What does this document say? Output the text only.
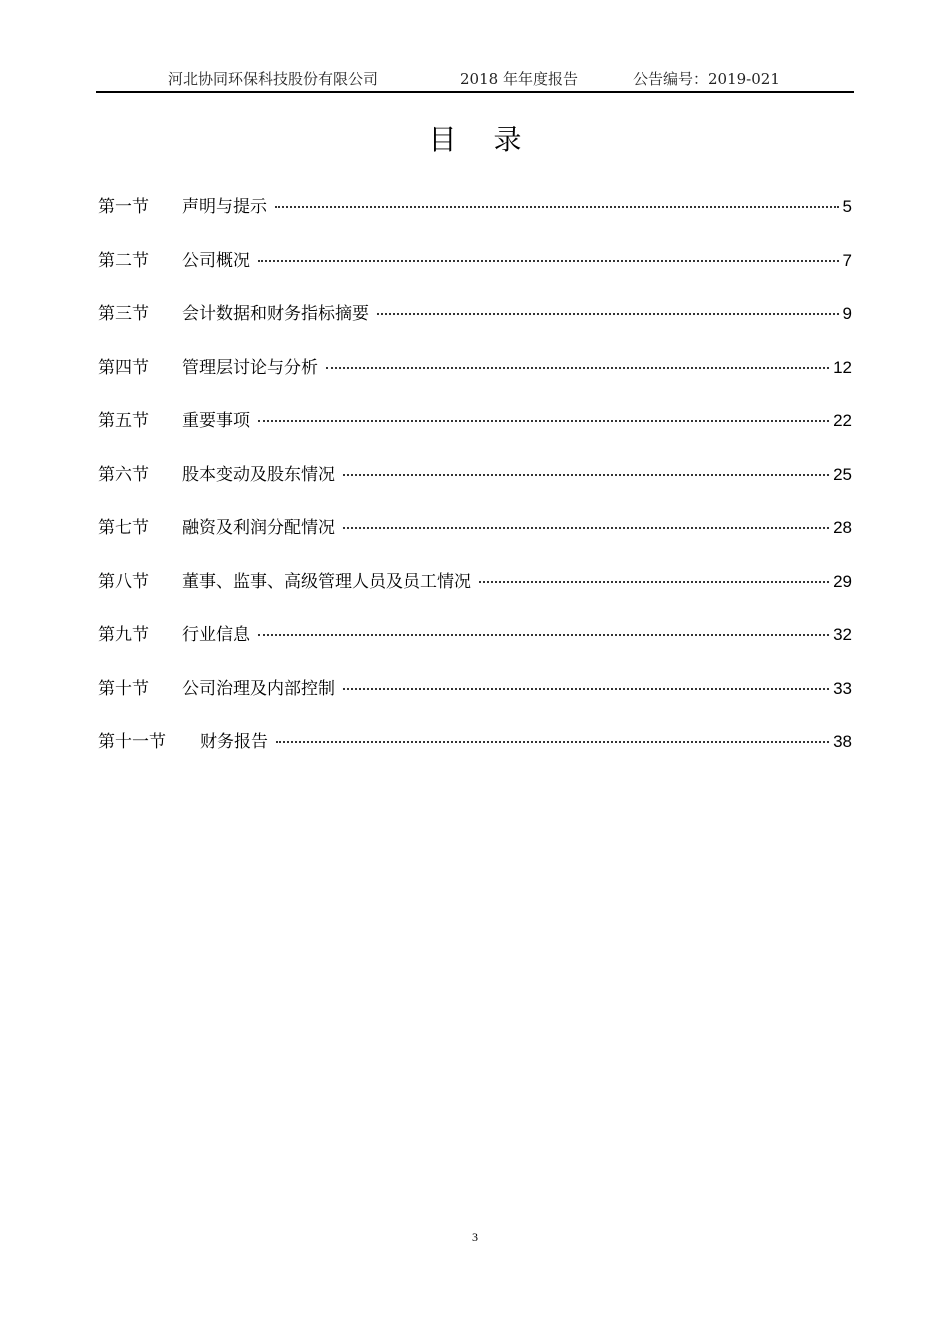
河北协同环保科技股份有限公司	2018 年年度报告	公告编号：2019-021
目 录
第一节	声明与提示	5
第二节	公司概况	7
第三节	会计数据和财务指标摘要	9
第四节	管理层讨论与分析	12
第五节	重要事项	22
第六节	股本变动及股东情况	25
第七节	融资及利润分配情况	28
第八节	董事、监事、高级管理人员及员工情况	29
第九节	行业信息	32
第十节	公司治理及内部控制	33
第十一节	财务报告	38
3
